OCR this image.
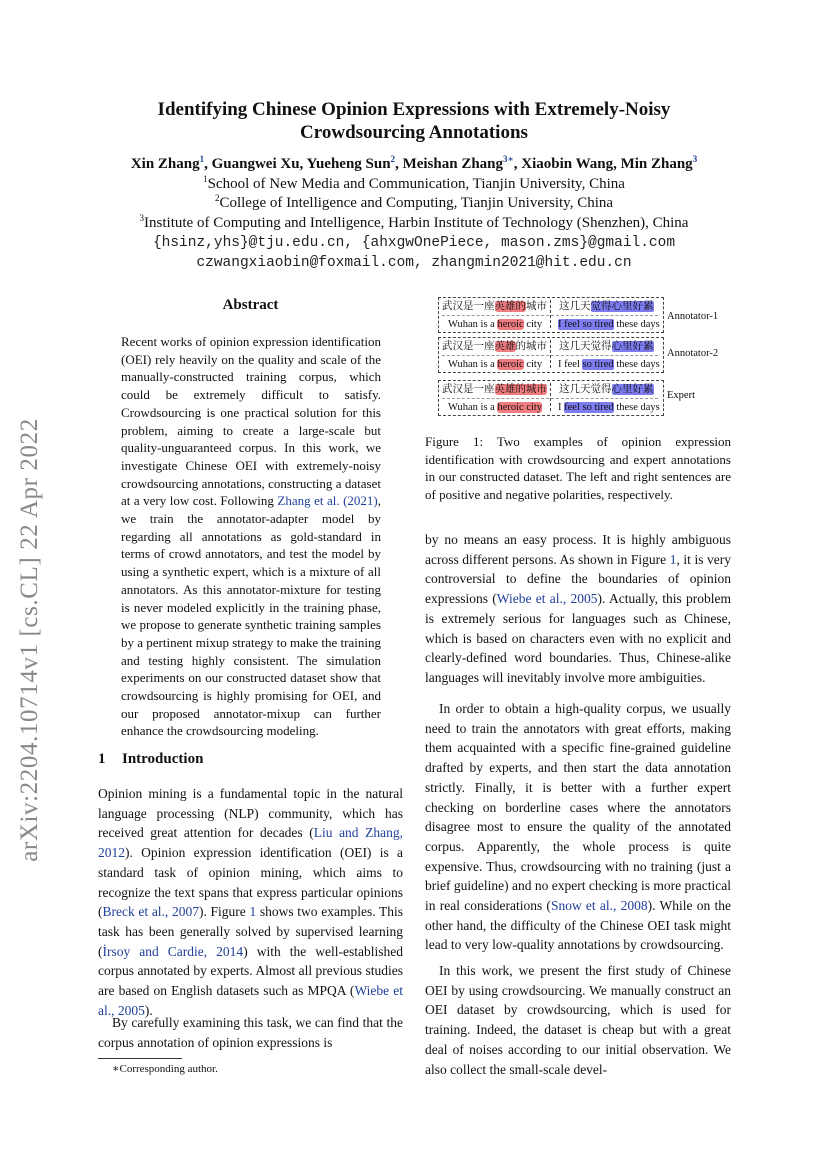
arXiv:2204.10714v1 [cs.CL] 22 Apr 2022
Identifying Chinese Opinion Expressions with Extremely-Noisy
Crowdsourcing Annotations
Xin Zhang$^1$, Guangwei Xu, Yueheng Sun$^2$, Meishan Zhang$^{3∗}$, Xiaobin Wang, Min Zhang$^3$
$^1$School of New Media and Communication, Tianjin University, China
$^2$College of Intelligence and Computing, Tianjin University, China
$^3$Institute of Computing and Intelligence, Harbin Institute of Technology (Shenzhen), China
{hsinz,yhs}@tju.edu.cn, {ahxgwOnePiece, mason.zms}@gmail.com
czwangxiaobin@foxmail.com, zhangmin2021@hit.edu.cn
Abstract
Recent works of opinion expression identification (OEI) rely heavily on the quality and scale of the manually-constructed training corpus, which could be extremely difficult to satisfy. Crowdsourcing is one practical solution for this problem, aiming to create a large-scale but quality-unguaranteed corpus. In this work, we investigate Chinese OEI with extremely-noisy crowdsourcing annotations, constructing a dataset at a very low cost. Following Zhang et al. (2021), we train the annotator-adapter model by regarding all annotations as gold-standard in terms of crowd annotators, and test the model by using a synthetic expert, which is a mixture of all annotators. As this annotator-mixture for testing is never modeled explicitly in the training phase, we propose to generate synthetic training samples by a pertinent mixup strategy to make the training and testing highly consistent. The simulation experiments on our constructed dataset show that crowdsourcing is highly promising for OEI, and our proposed annotator-mixup can further enhance the crowdsourcing modeling.
1 Introduction
Opinion mining is a fundamental topic in the natural language processing (NLP) community, which has received great attention for decades (Liu and Zhang, 2012). Opinion expression identification (OEI) is a standard task of opinion mining, which aims to recognize the text spans that express particular opinions (Breck et al., 2007). Figure 1 shows two examples. This task has been generally solved by supervised learning (İrsoy and Cardie, 2014) with the well-established corpus annotated by experts. Almost all previous studies are based on English datasets such as MPQA (Wiebe et al., 2005).
By carefully examining this task, we can find that the corpus annotation of opinion expressions is
∗Corresponding author.
武汉是一座英雄的城市
Wuhan is a heroic city
这几天觉得心里好累
I feel so tired these days
Annotator-1
武汉是一座英雄的城市
Wuhan is a heroic city
这几天觉得心里好累
I feel so tired these days
Annotator-2
武汉是一座英雄的城市
Wuhan is a heroic city
这几天觉得心里好累
I feel so tired these days
Expert
Figure 1: Two examples of opinion expression identification with crowdsourcing and expert annotations in our constructed dataset. The left and right sentences are of positive and negative polarities, respectively.
by no means an easy process. It is highly ambiguous across different persons. As shown in Figure 1, it is very controversial to define the boundaries of opinion expressions (Wiebe et al., 2005). Actually, this problem is extremely serious for languages such as Chinese, which is based on characters even with no explicit and clearly-defined word boundaries. Thus, Chinese-alike languages will inevitably involve more ambiguities.
In order to obtain a high-quality corpus, we usually need to train the annotators with great efforts, making them acquainted with a specific fine-grained guideline drafted by experts, and then start the data annotation strictly. Finally, it is better with a further expert checking on borderline cases where the annotators disagree most to ensure the quality of the annotated corpus. Apparently, the whole process is quite expensive. Thus, crowdsourcing with no training (just a brief guideline) and no expert checking is more practical in real considerations (Snow et al., 2008). While on the other hand, the difficulty of the Chinese OEI task might lead to very low-quality annotations by crowdsourcing.
In this work, we present the first study of Chinese OEI by using crowdsourcing. We manually construct an OEI dataset by crowdsourcing, which is used for training. Indeed, the dataset is cheap but with a great deal of noises according to our initial observation. We also collect the small-scale devel-
